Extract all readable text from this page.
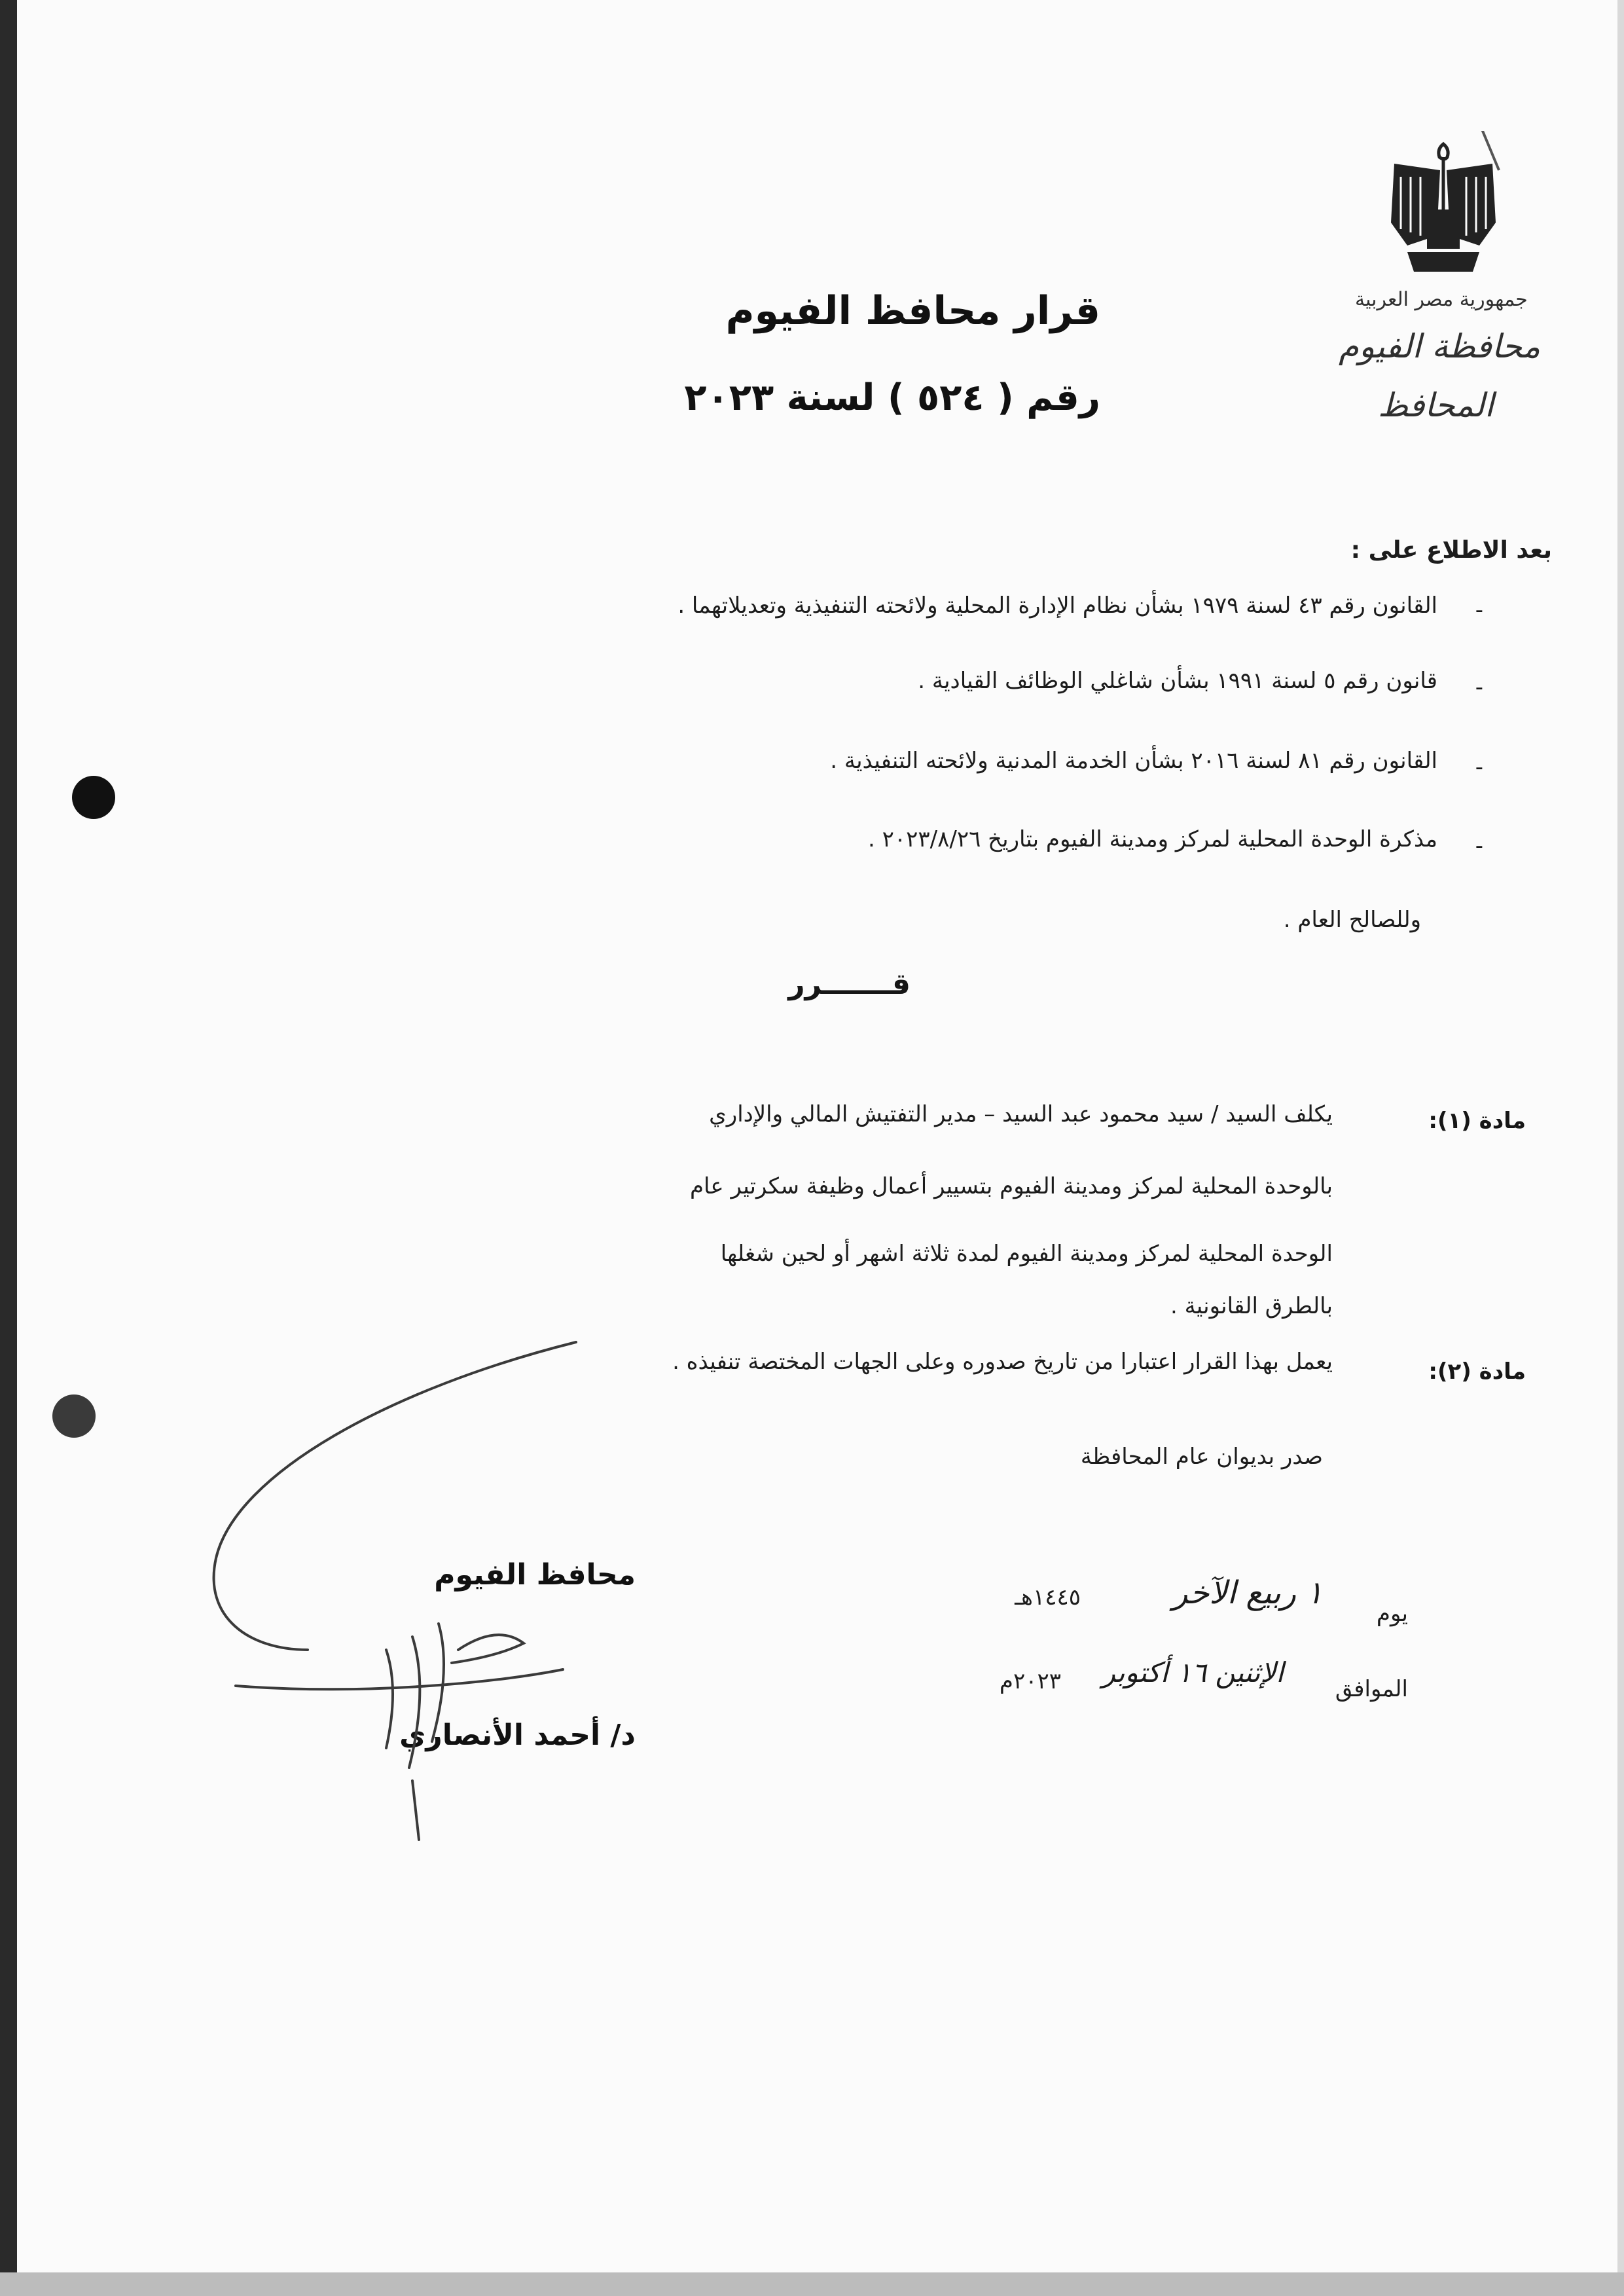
جمهورية مصر العربية
محافظة الفيوم
المحافظ
قرار محافظ الفيوم
رقم ( ٥٢٤ ) لسنة ٢٠٢٣
بعد الاطلاع على :
-
القانون رقم ٤٣ لسنة ١٩٧٩ بشأن نظام الإدارة المحلية ولائحته التنفيذية وتعديلاتهما .
-
قانون رقم ٥ لسنة ١٩٩١ بشأن شاغلي الوظائف القيادية .
-
القانون رقم ٨١ لسنة ٢٠١٦ بشأن الخدمة المدنية ولائحته التنفيذية .
-
مذكرة الوحدة المحلية لمركز ومدينة الفيوم بتاريخ ٢٠٢٣/٨/٢٦ .
وللصالح العام .
قـــــــرر
مادة (١):
يكلف السيد / سيد محمود عبد السيد – مدير التفتيش المالي والإداري
بالوحدة المحلية لمركز ومدينة الفيوم بتسيير أعمال وظيفة سكرتير عام
الوحدة المحلية لمركز ومدينة الفيوم لمدة ثلاثة اشهر أو لحين شغلها
بالطرق القانونية .
مادة (٢):
يعمل بهذا القرار اعتبارا من تاريخ صدوره وعلى الجهات المختصة تنفيذه .
صدر بديوان عام المحافظة
يوم
١ ربيع الآخر
١٤٤٥هـ
الموافق
الإثنين ١٦ أكتوبر
٢٠٢٣م
محافظ الفيوم
د/ أحمد الأنصاري
